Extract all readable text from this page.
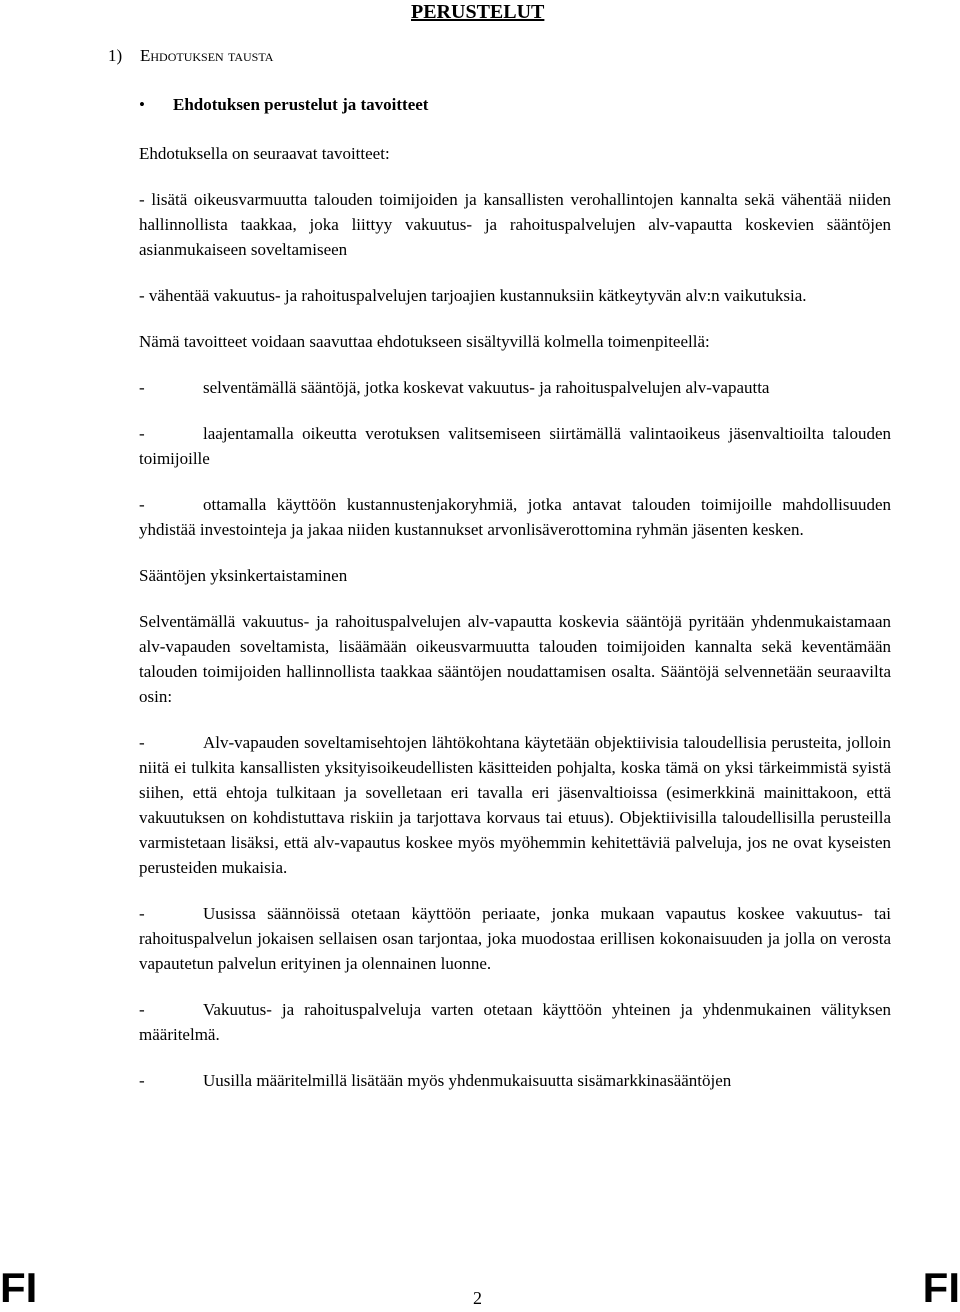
PERUSTELUT
1) Ehdotuksen tausta
• Ehdotuksen perustelut ja tavoitteet

Ehdotuksella on seuraavat tavoitteet:

- lisätä oikeusvarmuutta talouden toimijoiden ja kansallisten verohallintojen kannalta sekä vähentää niiden hallinnollista taakkaa, joka liittyy vakuutus- ja rahoituspalvelujen alv-vapautta koskevien sääntöjen asianmukaiseen soveltamiseen

- vähentää vakuutus- ja rahoituspalvelujen tarjoajien kustannuksiin kätkeytyvän alv:n vaikutuksia.

Nämä tavoitteet voidaan saavuttaa ehdotukseen sisältyvillä kolmella toimenpiteellä:

-	selventämällä sääntöjä, jotka koskevat vakuutus- ja rahoituspalvelujen alv-vapautta

-	laajentamalla oikeutta verotuksen valitsemiseen siirtämällä valintaoikeus jäsenvaltioilta talouden toimijoille

-	ottamalla käyttöön kustannustenjakoryhmiä, jotka antavat talouden toimijoille mahdollisuuden yhdistää investointeja ja jakaa niiden kustannukset arvonlisäverottomina ryhmän jäsenten kesken.

Sääntöjen yksinkertaistaminen

Selventämällä vakuutus- ja rahoituspalvelujen alv-vapautta koskevia sääntöjä pyritään yhdenmukaistamaan alv-vapauden soveltamista, lisäämään oikeusvarmuutta talouden toimijoiden kannalta sekä keventämään talouden toimijoiden hallinnollista taakkaa sääntöjen noudattamisen osalta. Sääntöjä selvennetään seuraavilta osin:

-	Alv-vapauden soveltamisehtojen lähtökohtana käytetään objektiivisia taloudellisia perusteita, jolloin niitä ei tulkita kansallisten yksityisoikeudellisten käsitteiden pohjalta, koska tämä on yksi tärkeimmistä syistä siihen, että ehtoja tulkitaan ja sovelletaan eri tavalla eri jäsenvaltioissa (esimerkkinä mainittakoon, että vakuutuksen on kohdistuttava riskiin ja tarjottava korvaus tai etuus). Objektiivisilla taloudellisilla perusteilla varmistetaan lisäksi, että alv-vapautus koskee myös myöhemmin kehitettäviä palveluja, jos ne ovat kyseisten perusteiden mukaisia.

-	Uusissa säännöissä otetaan käyttöön periaate, jonka mukaan vapautus koskee vakuutus- tai rahoituspalvelun jokaisen sellaisen osan tarjontaa, joka muodostaa erillisen kokonaisuuden ja jolla on verosta vapautetun palvelun erityinen ja olennainen luonne.

-	Vakuutus- ja rahoituspalveluja varten otetaan käyttöön yhteinen ja yhdenmukainen välityksen määritelmä.

-	Uusilla määritelmillä lisätään myös yhdenmukaisuutta sisämarkkinasääntöjen

FI	2	FI
